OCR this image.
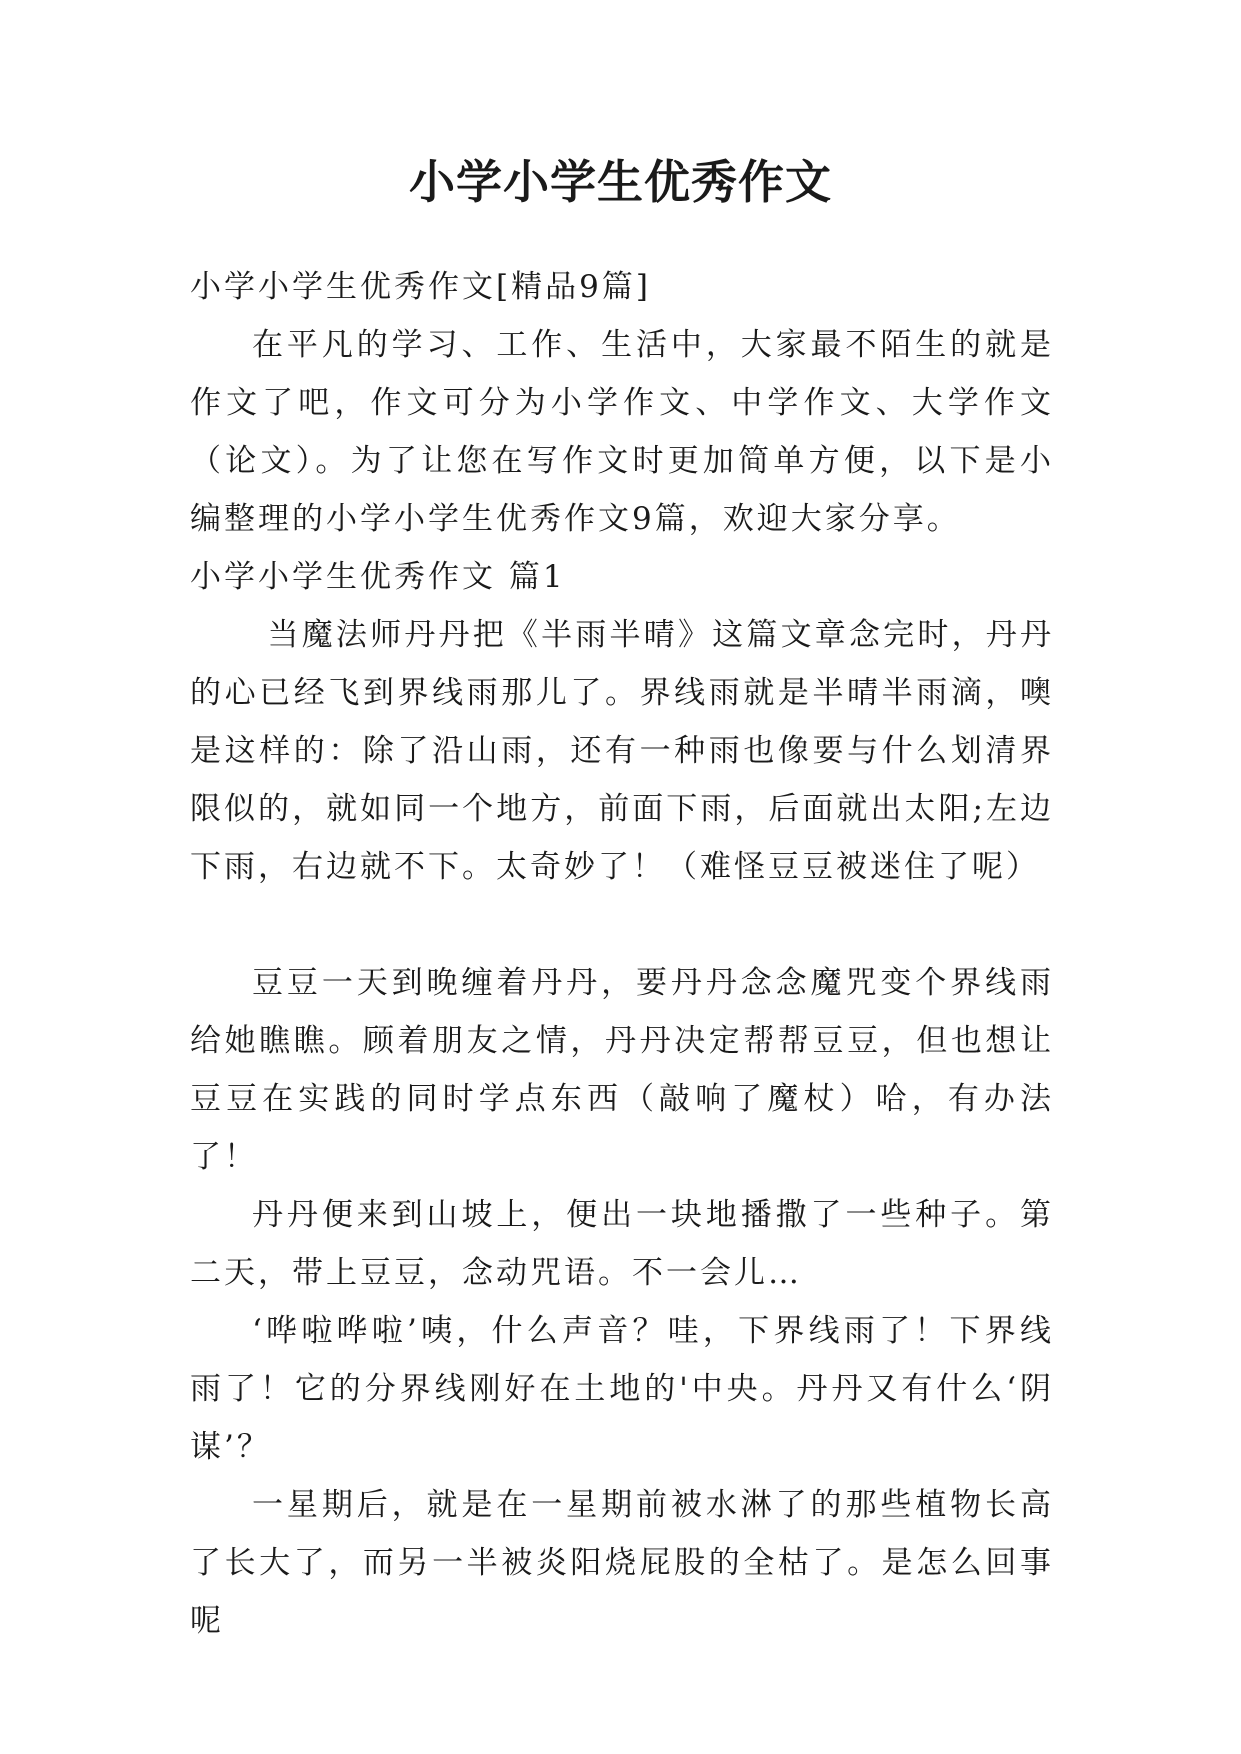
小学小学生优秀作文

小学小学生优秀作文[精品9篇]

在平凡的学习、工作、生活中，大家最不陌生的就是作文了吧，作文可分为小学作文、中学作文、大学作文（论文）。为了让您在写作文时更加简单方便，以下是小编整理的小学小学生优秀作文9篇，欢迎大家分享。

小学小学生优秀作文 篇1

当魔法师丹丹把《半雨半晴》这篇文章念完时，丹丹的心已经飞到界线雨那儿了。界线雨就是半晴半雨滴，噢是这样的：除了沿山雨，还有一种雨也像要与什么划清界限似的，就如同一个地方，前面下雨，后面就出太阳;左边下雨，右边就不下。太奇妙了！（难怪豆豆被迷住了呢）

豆豆一天到晚缠着丹丹，要丹丹念念魔咒变个界线雨给她瞧瞧。顾着朋友之情，丹丹决定帮帮豆豆，但也想让豆豆在实践的同时学点东西（敲响了魔杖）哈，有办法了！

丹丹便来到山坡上，便出一块地播撒了一些种子。第二天，带上豆豆，念动咒语。不一会儿…

‘哗啦哗啦’咦，什么声音？哇，下界线雨了！下界线雨了！它的分界线刚好在土地的'中央。丹丹又有什么‘阴谋’？

一星期后，就是在一星期前被水淋了的那些植物长高了长大了，而另一半被炎阳烧屁股的全枯了。是怎么回事呢
